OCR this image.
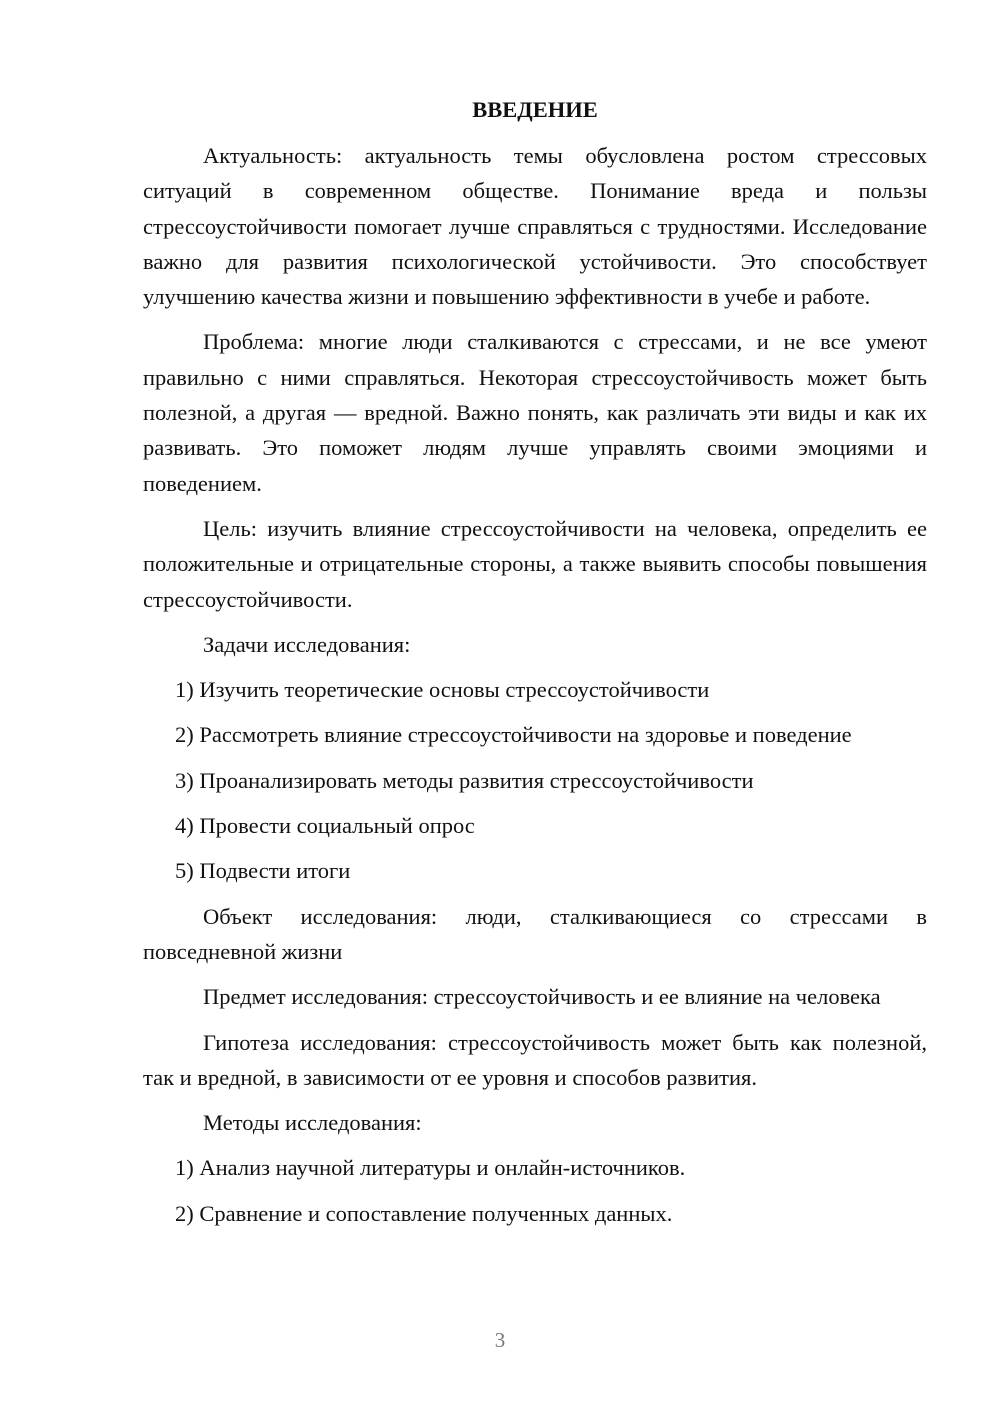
ВВЕДЕНИЕ

Актуальность: актуальность темы обусловлена ростом стрессовых ситуаций в современном обществе. Понимание вреда и пользы стрессоустойчивости помогает лучше справляться с трудностями. Исследование важно для развития психологической устойчивости. Это способствует улучшению качества жизни и повышению эффективности в учебе и работе.

Проблема: многие люди сталкиваются с стрессами, и не все умеют правильно с ними справляться. Некоторая стрессоустойчивость может быть полезной, а другая — вредной. Важно понять, как различать эти виды и как их развивать. Это поможет людям лучше управлять своими эмоциями и поведением.

Цель: изучить влияние стрессоустойчивости на человека, определить ее положительные и отрицательные стороны, а также выявить способы повышения стрессоустойчивости.

Задачи исследования:

1) Изучить теоретические основы стрессоустойчивости
2) Рассмотреть влияние стрессоустойчивости на здоровье и поведение
3) Проанализировать методы развития стрессоустойчивости
4) Провести социальный опрос
5) Подвести итоги

Объект исследования: люди, сталкивающиеся со стрессами в повседневной жизни

Предмет исследования: стрессоустойчивость и ее влияние на человека

Гипотеза исследования: стрессоустойчивость может быть как полезной, так и вредной, в зависимости от ее уровня и способов развития.

Методы исследования:

1) Анализ научной литературы и онлайн-источников.
2) Сравнение и сопоставление полученных данных.
3
